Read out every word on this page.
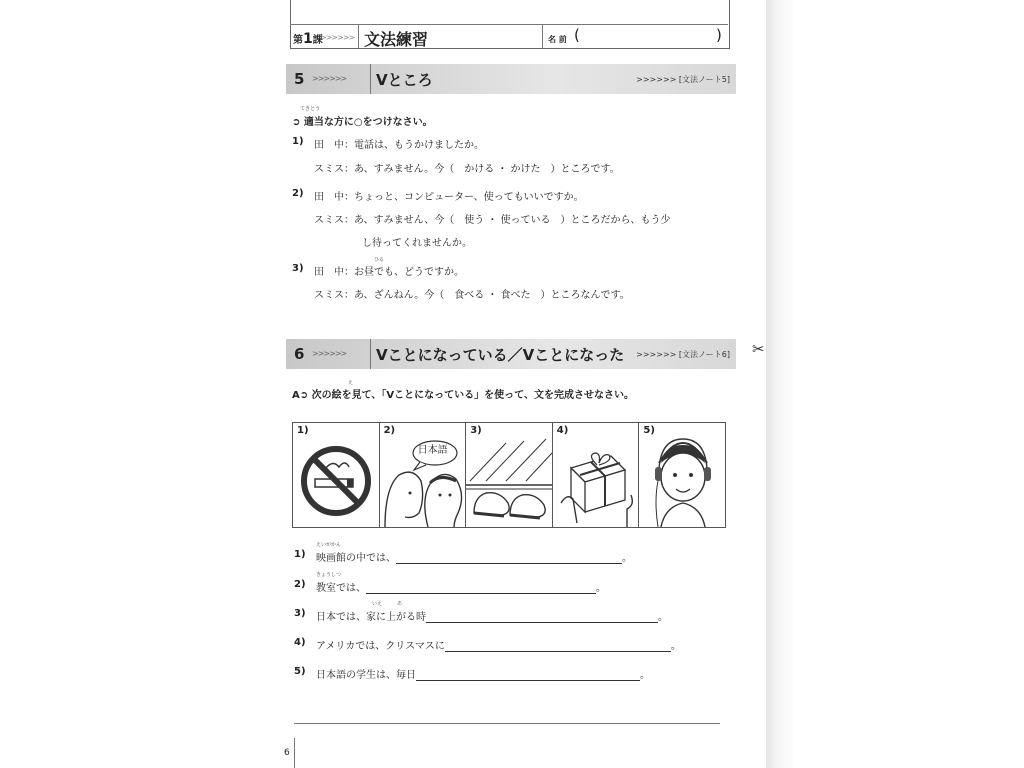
✂
第1課
>>>>>> 文法練習	名 前 (	)
5 >>>>>> Vところ	>>>>>> [文法ノート5]
てきとう
➲ 適当な方に○をつけなさい。
1) 田　中：電話は、もうかけましたか。
スミス：あ、すみません。今（　かける ・ かけた　）ところです。
2) 田　中：ちょっと、コンピューター、使ってもいいですか。
スミス：あ、すみません、今（　使う ・ 使っている　）ところだから、もう少
し待ってくれませんか。
ひる
3) 田　中：お昼でも、どうですか。
スミス：あ、ざんねん。今（　食べる ・ 食べた　）ところなんです。
6 >>>>>> Vことになっている／Vことになった >>>>>> [文法ノート6]
え
A➲ 次の絵を見て、「Vことになっている」を使って、文を完成させなさい。
1)	2)
日本語
3)	4)	5)
えいがかん
1) 映画館の中では、	。
きょうしつ
2) 教室では、	。
いえ　　　あ
3) 日本では、家に上がる時	。
4) アメリカでは、クリスマスに	。
5) 日本語の学生は、毎日	。
6
